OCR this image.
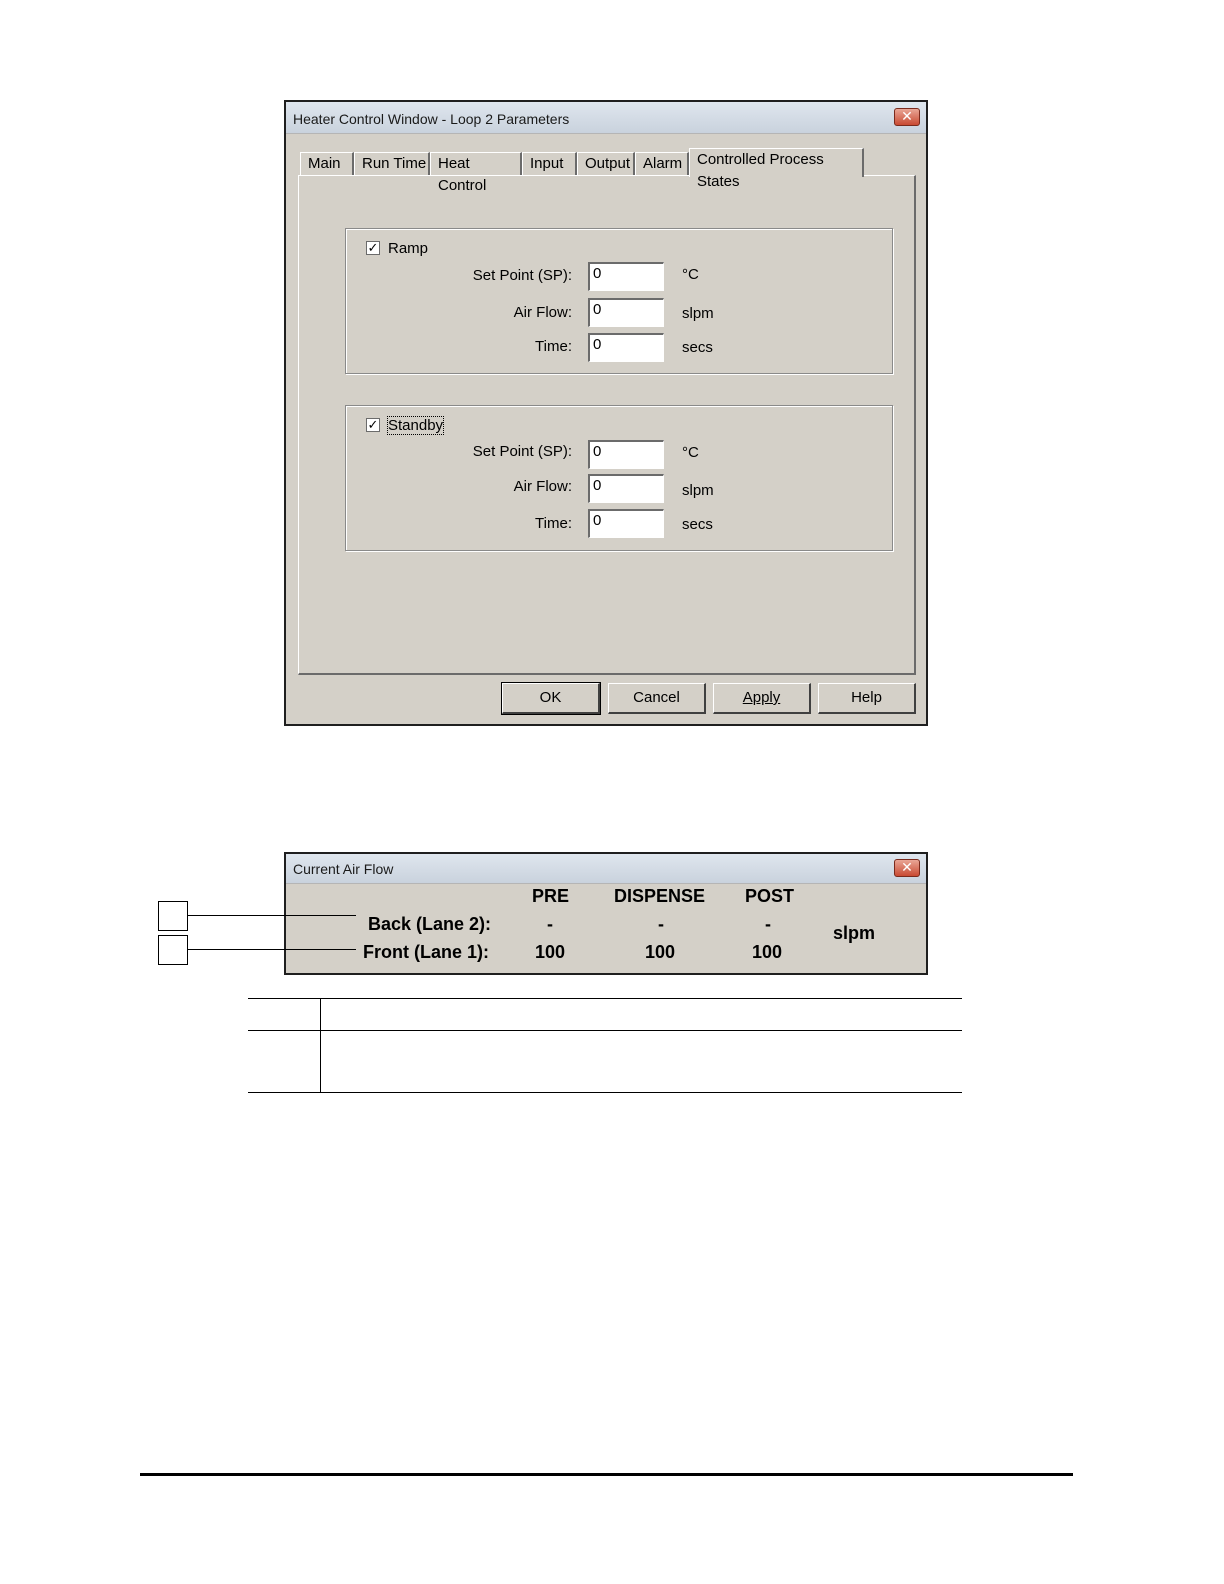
Heater Control Window - Loop 2 Parameters	✕
Main	Run Time Heat Control
Input	Output Alarm Controlled Process States
✓ Ramp
Set Point (SP):	0	°C
Air Flow:	0	slpm
Time:	0	secs
✓ Standby
Set Point (SP):	0	°C
Air Flow:	0	slpm
Time:	0	secs
OK	Cancel	Apply	Help
Current Air Flow	✕
PRE DISPENSE POST
Back (Lane 2):	-	-	-
Front (Lane 1):	100	100	100
slpm
